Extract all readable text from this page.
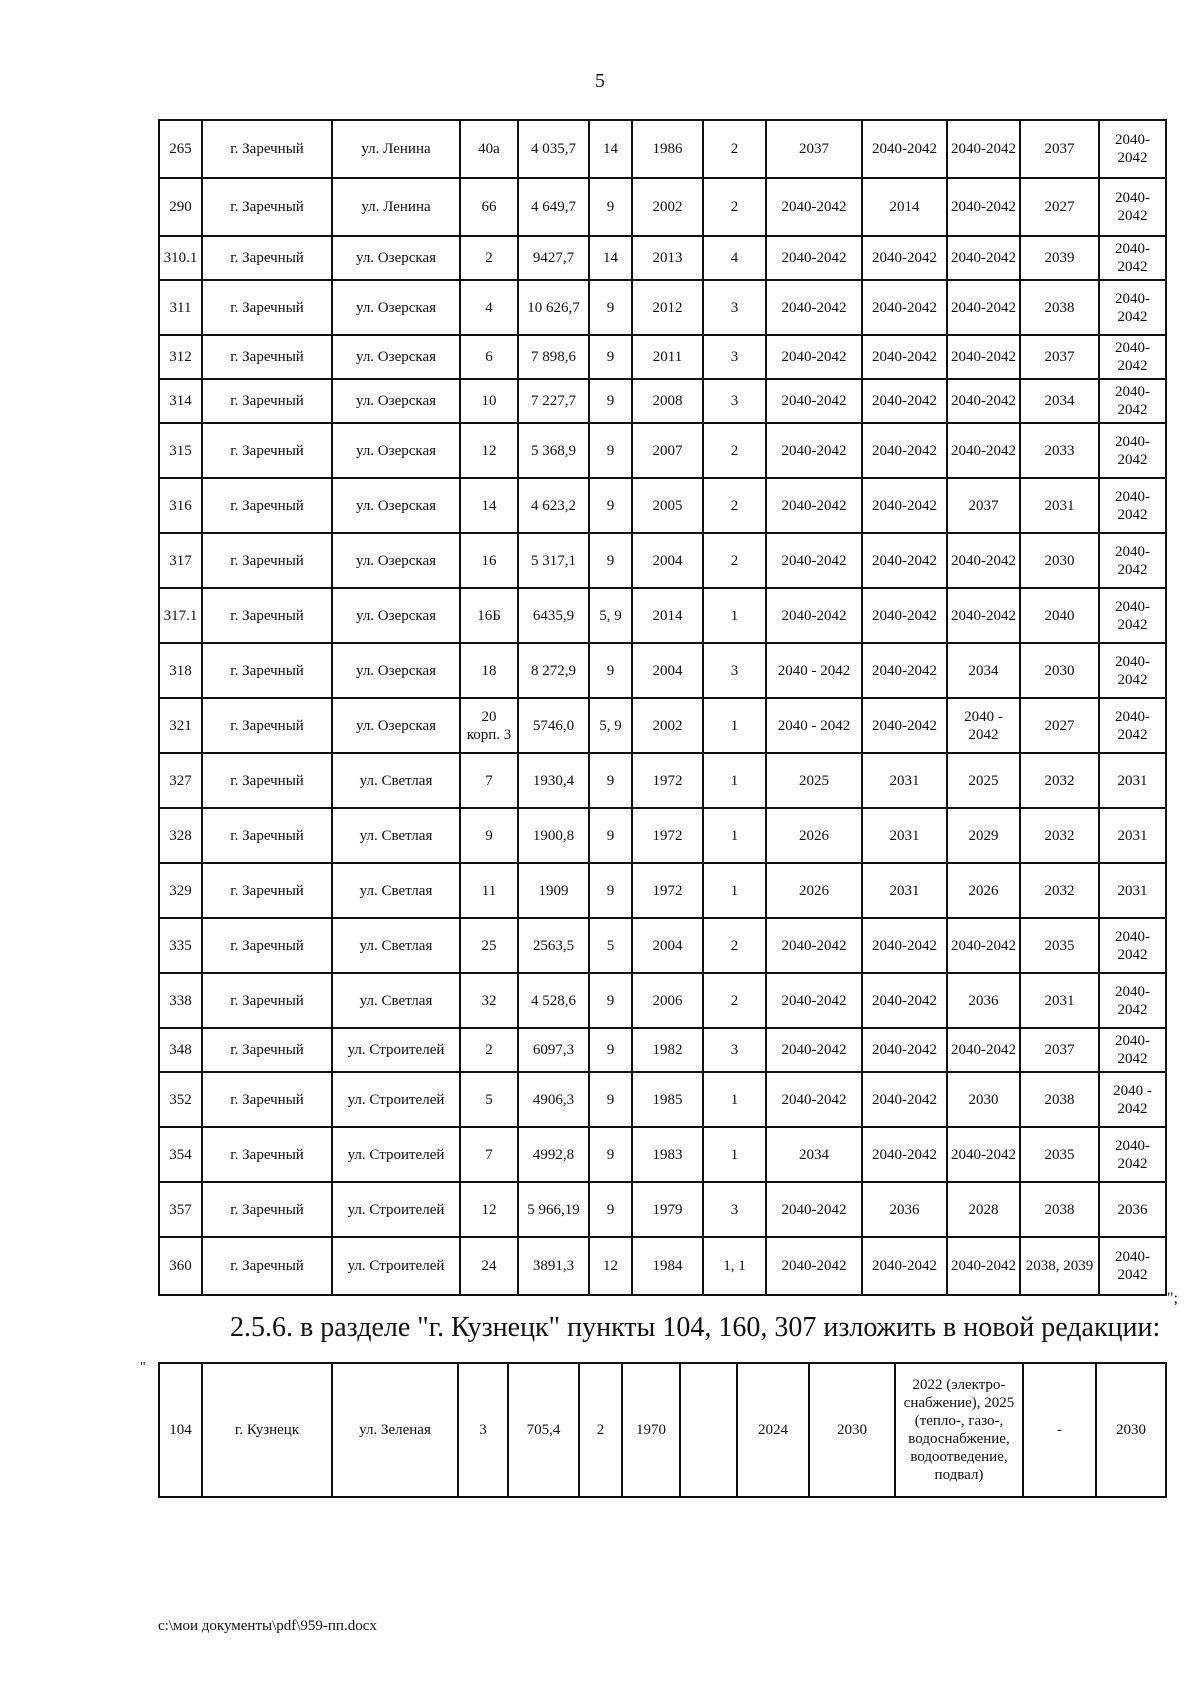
5
265	г. Заречный	ул. Ленина	40а	4 035,7	14	1986	2	2037	2040-2042	2040-2042	2037	2040-2042
290	г. Заречный	ул. Ленина	66	4 649,7	9	2002	2	2040-2042	2014	2040-2042	2027	2040-2042
310.1	г. Заречный	ул. Озерская	2	9427,7	14	2013	4	2040-2042	2040-2042	2040-2042	2039	2040-2042
311	г. Заречный	ул. Озерская	4	10 626,7	9	2012	3	2040-2042	2040-2042	2040-2042	2038	2040-2042
312	г. Заречный	ул. Озерская	6	7 898,6	9	2011	3	2040-2042	2040-2042	2040-2042	2037	2040-2042
314	г. Заречный	ул. Озерская	10	7 227,7	9	2008	3	2040-2042	2040-2042	2040-2042	2034	2040-2042
315	г. Заречный	ул. Озерская	12	5 368,9	9	2007	2	2040-2042	2040-2042	2040-2042	2033	2040-2042
316	г. Заречный	ул. Озерская	14	4 623,2	9	2005	2	2040-2042	2040-2042	2037	2031	2040-2042
317	г. Заречный	ул. Озерская	16	5 317,1	9	2004	2	2040-2042	2040-2042	2040-2042	2030	2040-2042
317.1	г. Заречный	ул. Озерская	16Б	6435,9	5, 9	2014	1	2040-2042	2040-2042	2040-2042	2040	2040-2042
318	г. Заречный	ул. Озерская	18	8 272,9	9	2004	3	2040 - 2042	2040-2042	2034	2030	2040-2042
321	г. Заречный	ул. Озерская	20 корп. 3	5746,0	5, 9	2002	1	2040 - 2042	2040-2042	2040 - 2042	2027	2040-2042
327	г. Заречный	ул. Светлая	7	1930,4	9	1972	1	2025	2031	2025	2032	2031
328	г. Заречный	ул. Светлая	9	1900,8	9	1972	1	2026	2031	2029	2032	2031
329	г. Заречный	ул. Светлая	11	1909	9	1972	1	2026	2031	2026	2032	2031
335	г. Заречный	ул. Светлая	25	2563,5	5	2004	2	2040-2042	2040-2042	2040-2042	2035	2040-2042
338	г. Заречный	ул. Светлая	32	4 528,6	9	2006	2	2040-2042	2040-2042	2036	2031	2040-2042
348	г. Заречный	ул. Строителей	2	6097,3	9	1982	3	2040-2042	2040-2042	2040-2042	2037	2040-2042
352	г. Заречный	ул. Строителей	5	4906,3	9	1985	1	2040-2042	2040-2042	2030	2038	2040 - 2042
354	г. Заречный	ул. Строителей	7	4992,8	9	1983	1	2034	2040-2042	2040-2042	2035	2040-2042
357	г. Заречный	ул. Строителей	12	5 966,19	9	1979	3	2040-2042	2036	2028	2038	2036
360	г. Заречный	ул. Строителей	24	3891,3	12	1984	1, 1	2040-2042	2040-2042	2040-2042	2038, 2039	2040-2042
";
2.5.6. в разделе "г. Кузнецк" пункты 104, 160, 307 изложить в новой редакции:
"
104	г. Кузнецк	ул. Зеленая	3	705,4	2	1970		2024	2030	2022 (электро-снабжение), 2025 (тепло-, газо-, водоснабжение, водоотведение, подвал)	-	2030
c:\мои документы\pdf\959-пп.docx
